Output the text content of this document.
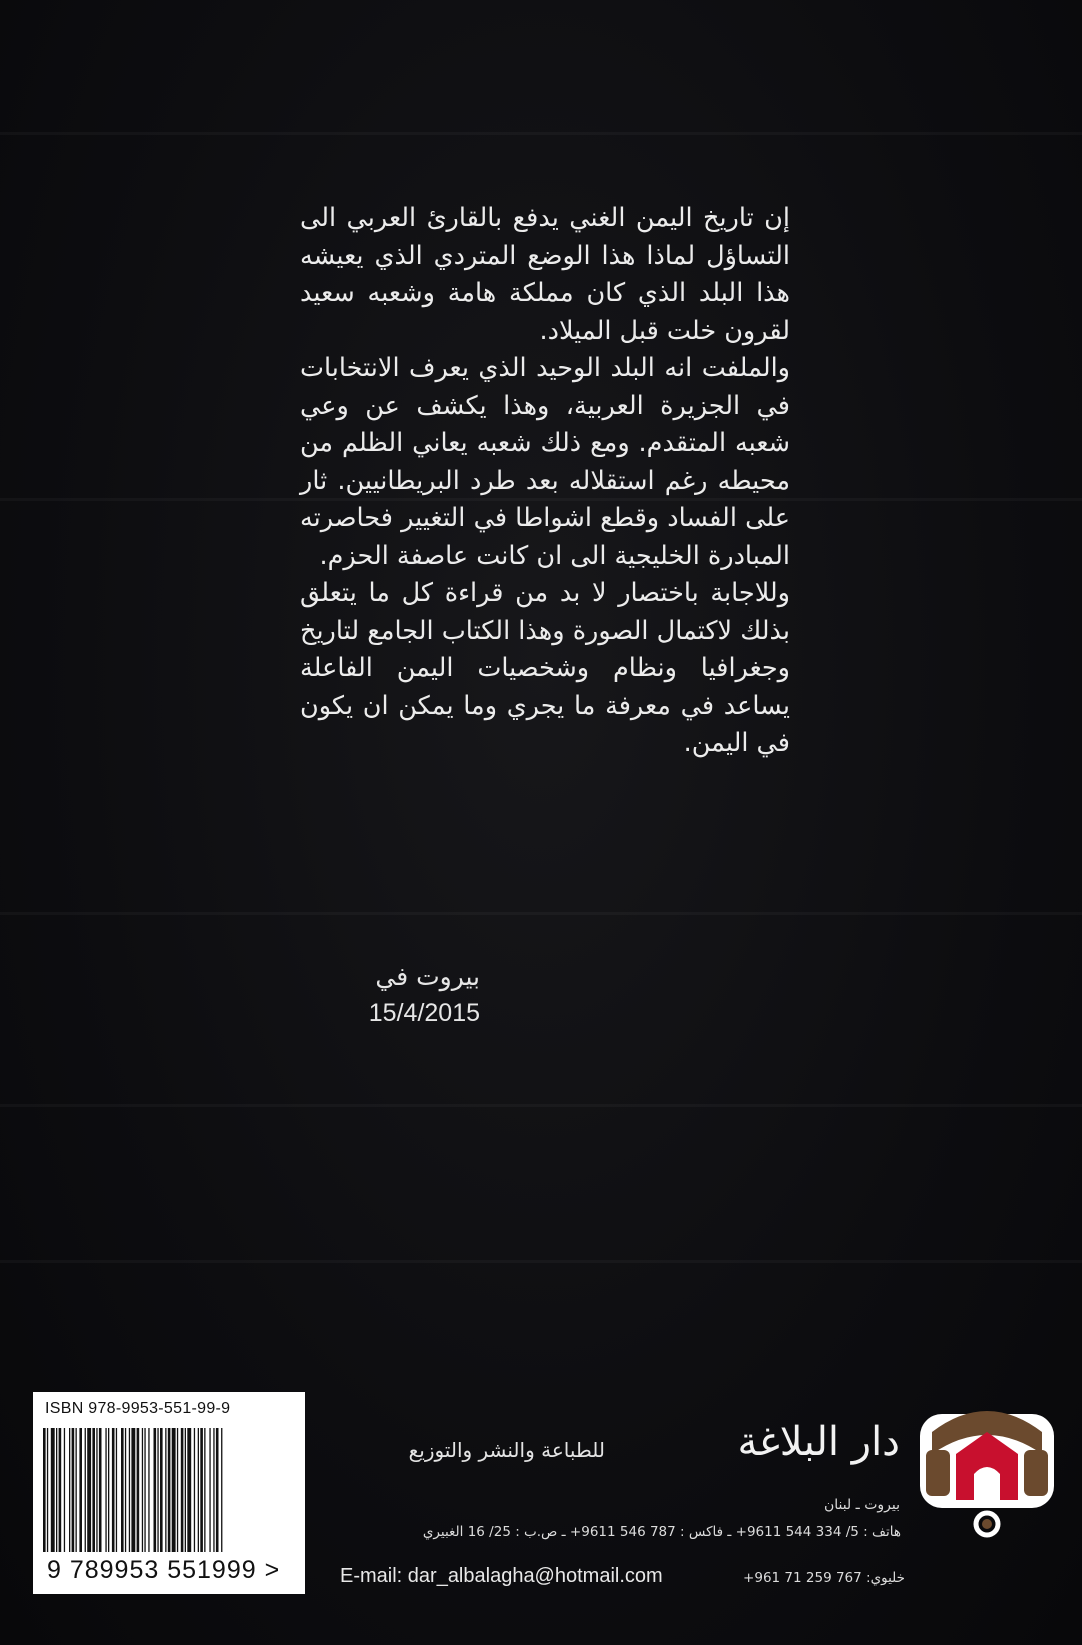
إن تاريخ اليمن الغني يدفع بالقارئ العربي الى التساؤل لماذا هذا الوضع المتردي الذي يعيشه هذا البلد الذي كان مملكة هامة وشعبه سعيد لقرون خلت قبل الميلاد.

والملفت انه البلد الوحيد الذي يعرف الانتخابات في الجزيرة العربية، وهذا يكشف عن وعي شعبه المتقدم. ومع ذلك شعبه يعاني الظلم من محيطه رغم استقلاله بعد طرد البريطانيين. ثار على الفساد وقطع اشواطا في التغيير فحاصرته المبادرة الخليجية الى ان كانت عاصفة الحزم.

وللاجابة باختصار لا بد من قراءة كل ما يتعلق بذلك لاكتمال الصورة وهذا الكتاب الجامع لتاريخ وجغرافيا ونظام وشخصيات اليمن الفاعلة يساعد في معرفة ما يجري وما يمكن ان يكون في اليمن.

بيروت في
15/4/2015
ISBN 978-9953-551-99-9
9 789953 551999 >
دار البلاغة
للطباعة والنشر والتوزيع
بيروت ـ لبنان
هاتف : 5/ 334 544 9611+ ـ فاكس : 787 546 9611+ ـ ص.ب : 25/ 16 الغبيري
E-mail: dar_albalagha@hotmail.com	خليوي: +961 71 259 767
